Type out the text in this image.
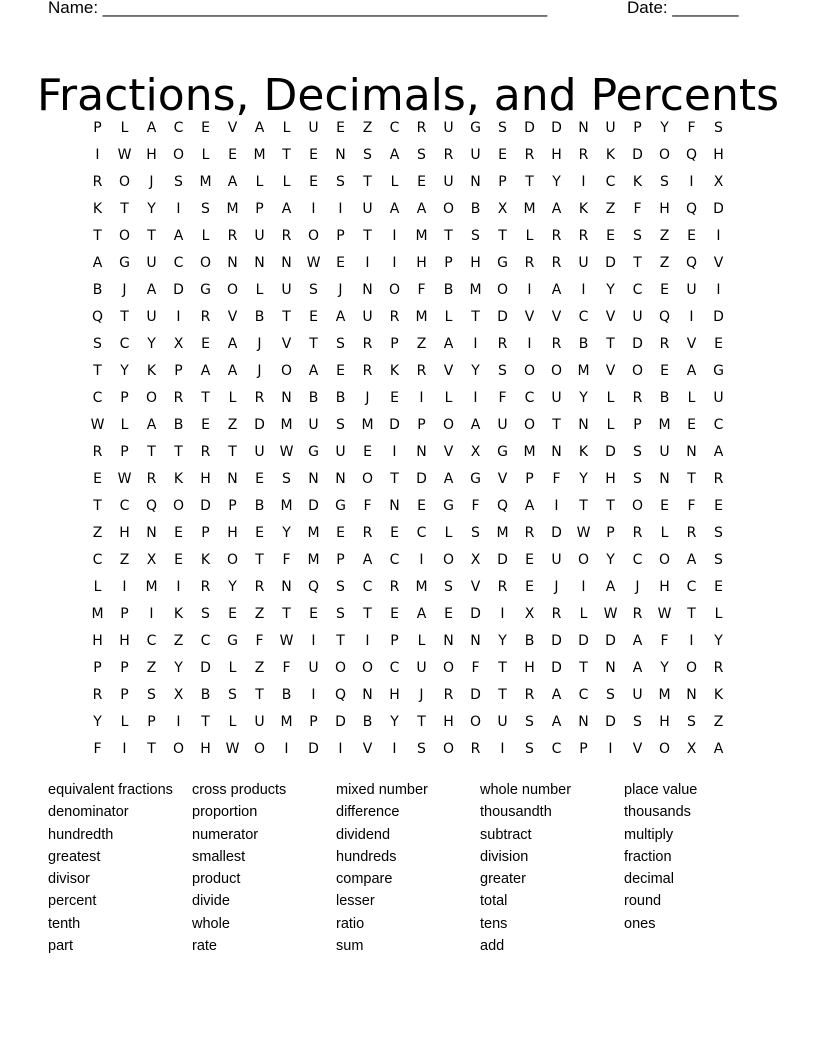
Name: _______________________________________________	Date: _______
Fractions, Decimals, and Percents
P	L	A	C	E	V	A	L	U	E	Z	C	R	U	G	S	D	D	N	U	P	Y	F	S
I	W	H	O	L	E	M	T	E	N	S	A	S	R	U	E	R	H	R	K	D	O	Q	H
R	O	J	S	M	A	L	L	E	S	T	L	E	U	N	P	T	Y	I	C	K	S	I	X
K	T	Y	I	S	M	P	A	I	I	U	A	A	O	B	X	M	A	K	Z	F	H	Q	D
T	O	T	A	L	R	U	R	O	P	T	I	M	T	S	T	L	R	R	E	S	Z	E	I
A	G	U	C	O	N	N	N	W	E	I	I	H	P	H	G	R	R	U	D	T	Z	Q	V
B	J	A	D	G	O	L	U	S	J	N	O	F	B	M	O	I	A	I	Y	C	E	U	I
Q	T	U	I	R	V	B	T	E	A	U	R	M	L	T	D	V	V	C	V	U	Q	I	D
S	C	Y	X	E	A	J	V	T	S	R	P	Z	A	I	R	I	R	B	T	D	R	V	E
T	Y	K	P	A	A	J	O	A	E	R	K	R	V	Y	S	O	O	M	V	O	E	A	G
C	P	O	R	T	L	R	N	B	B	J	E	I	L	I	F	C	U	Y	L	R	B	L	U
W	L	A	B	E	Z	D	M	U	S	M	D	P	O	A	U	O	T	N	L	P	M	E	C
R	P	T	T	R	T	U	W	G	U	E	I	N	V	X	G	M	N	K	D	S	U	N	A
E	W	R	K	H	N	E	S	N	N	O	T	D	A	G	V	P	F	Y	H	S	N	T	R
T	C	Q	O	D	P	B	M	D	G	F	N	E	G	F	Q	A	I	T	T	O	E	F	E
Z	H	N	E	P	H	E	Y	M	E	R	E	C	L	S	M	R	D	W	P	R	L	R	S
C	Z	X	E	K	O	T	F	M	P	A	C	I	O	X	D	E	U	O	Y	C	O	A	S
L	I	M	I	R	Y	R	N	Q	S	C	R	M	S	V	R	E	J	I	A	J	H	C	E
M	P	I	K	S	E	Z	T	E	S	T	E	A	E	D	I	X	R	L	W	R	W	T	L
H	H	C	Z	C	G	F	W	I	T	I	P	L	N	N	Y	B	D	D	D	A	F	I	Y
P	P	Z	Y	D	L	Z	F	U	O	O	C	U	O	F	T	H	D	T	N	A	Y	O	R
R	P	S	X	B	S	T	B	I	Q	N	H	J	R	D	T	R	A	C	S	U	M	N	K
Y	L	P	I	T	L	U	M	P	D	B	Y	T	H	O	U	S	A	N	D	S	H	S	Z
F	I	T	O	H	W	O	I	D	I	V	I	S	O	R	I	S	C	P	I	V	O	X	A
equivalent fractions	cross products	mixed number	whole number	place value
denominator	proportion	difference	thousandth	thousands
hundredth	numerator	dividend	subtract	multiply
greatest	smallest	hundreds	division	fraction
divisor	product	compare	greater	decimal
percent	divide	lesser	total	round
tenth	whole	ratio	tens	ones
part	rate	sum	add
